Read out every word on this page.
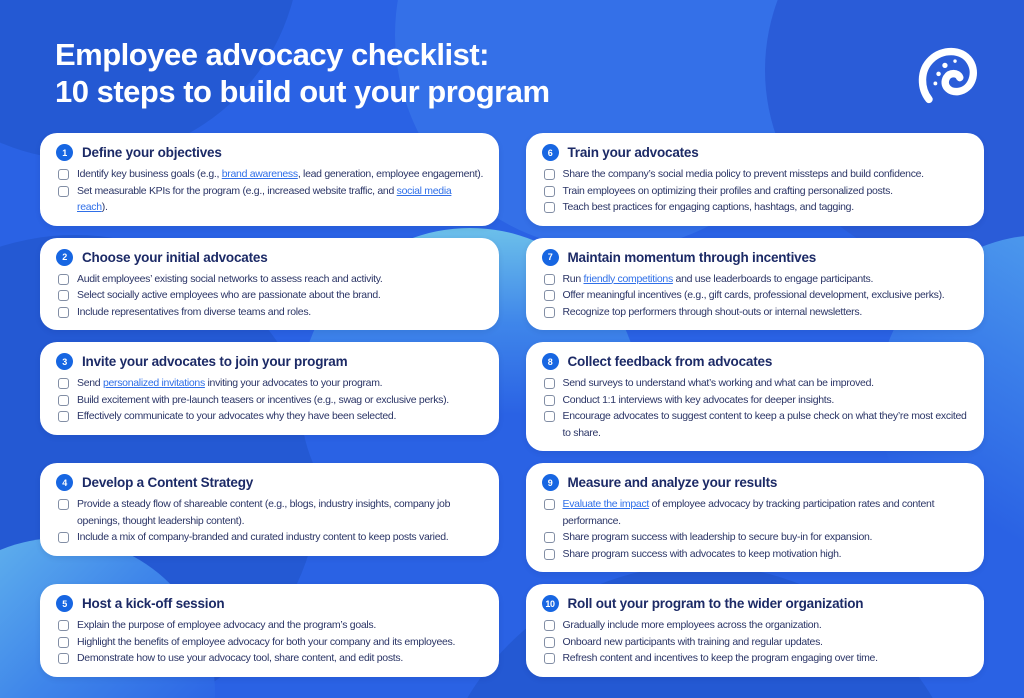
Employee advocacy checklist:
10 steps to build out your program
1	Define your objectives
Identify key business goals (e.g., brand awareness, lead generation, employee engagement).
Set measurable KPIs for the program (e.g., increased website traffic, and social media reach).
2	Choose your initial advocates
Audit employees’ existing social networks to assess reach and activity.
Select socially active employees who are passionate about the brand.
Include representatives from diverse teams and roles.
3	Invite your advocates to join your program
Send personalized invitations inviting your advocates to your program.
Build excitement with pre-launch teasers or incentives (e.g., swag or exclusive perks).
Effectively communicate to your advocates why they have been selected.
4	Develop a Content Strategy
Provide a steady flow of shareable content (e.g., blogs, industry insights, company job openings, thought leadership content).
Include a mix of company-branded and curated industry content to keep posts varied.
5	Host a kick-off session
Explain the purpose of employee advocacy and the program’s goals.
Highlight the benefits of employee advocacy for both your company and its employees.
Demonstrate how to use your advocacy tool, share content, and edit posts.
6	Train your advocates
Share the company’s social media policy to prevent missteps and build confidence.
Train employees on optimizing their profiles and crafting personalized posts.
Teach best practices for engaging captions, hashtags, and tagging.
7	Maintain momentum through incentives
Run friendly competitions and use leaderboards to engage participants.
Offer meaningful incentives (e.g., gift cards, professional development, exclusive perks).
Recognize top performers through shout-outs or internal newsletters.
8	Collect feedback from advocates
Send surveys to understand what’s working and what can be improved.
Conduct 1:1 interviews with key advocates for deeper insights.
Encourage advocates to suggest content to keep a pulse check on what they’re most excited to share.
9	Measure and analyze your results
Evaluate the impact of employee advocacy by tracking participation rates and content performance.
Share program success with leadership to secure buy-in for expansion.
Share program success with advocates to keep motivation high.
10 Roll out your program to the wider organization
Gradually include more employees across the organization.
Onboard new participants with training and regular updates.
Refresh content and incentives to keep the program engaging over time.
